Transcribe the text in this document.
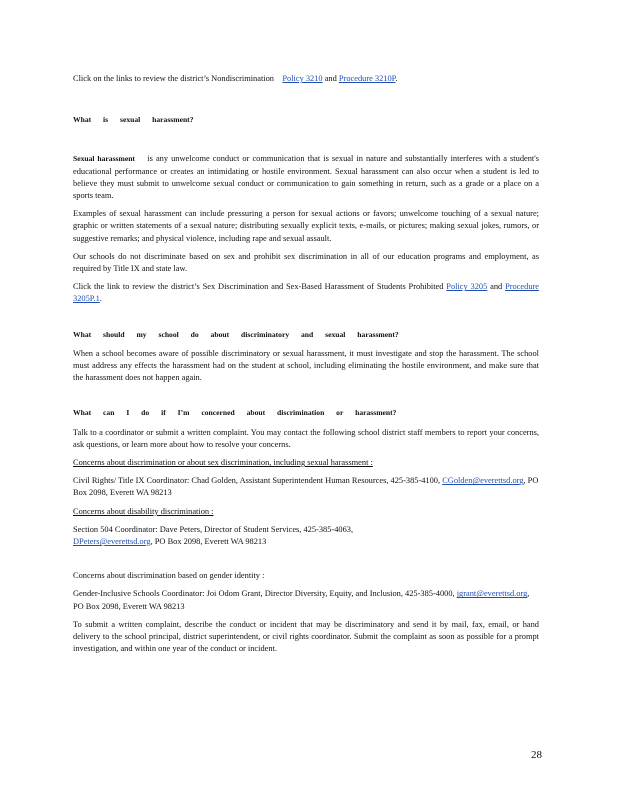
Click on the links to review the district’s Nondiscrimination Policy 3210 and Procedure 3210P.

What is sexual harassment?

Sexual harassment is any unwelcome conduct or communication that is sexual in nature and substantially interferes with a student's educational performance or creates an intimidating or hostile environment. Sexual harassment can also occur when a student is led to believe they must submit to unwelcome sexual conduct or communication to gain something in return, such as a grade or a place on a sports team.

Examples of sexual harassment can include pressuring a person for sexual actions or favors; unwelcome touching of a sexual nature; graphic or written statements of a sexual nature; distributing sexually explicit texts, e-mails, or pictures; making sexual jokes, rumors, or suggestive remarks; and physical violence, including rape and sexual assault.

Our schools do not discriminate based on sex and prohibit sex discrimination in all of our education programs and employment, as required by Title IX and state law.

Click the link to review the district’s Sex Discrimination and Sex-Based Harassment of Students Prohibited Policy 3205 and Procedure 3205P.1.

What should my school do about discriminatory and sexual harassment?

When a school becomes aware of possible discriminatory or sexual harassment, it must investigate and stop the harassment. The school must address any effects the harassment had on the student at school, including eliminating the hostile environment, and make sure that the harassment does not happen again.

What can I do if I’m concerned about discrimination or harassment?

Talk to a coordinator or submit a written complaint. You may contact the following school district staff members to report your concerns, ask questions, or learn more about how to resolve your concerns.

Concerns about discrimination or about sex discrimination, including sexual harassment :

Civil Rights/ Title IX Coordinator: Chad Golden, Assistant Superintendent Human Resources, 425-385-4100, CGolden@everettsd.org, PO Box 2098, Everett WA 98213

Concerns about disability discrimination :

Section 504 Coordinator: Dave Peters, Director of Student Services, 425-385-4063,
DPeters@everettsd.org, PO Box 2098, Everett WA 98213

Concerns about discrimination based on gender identity :

Gender-Inclusive Schools Coordinator: Joi Odom Grant, Director Diversity, Equity, and Inclusion, 425-385-4000, jgrant@everettsd.org, PO Box 2098, Everett WA 98213

To submit a written complaint, describe the conduct or incident that may be discriminatory and send it by mail, fax, email, or hand delivery to the school principal, district superintendent, or civil rights coordinator. Submit the complaint as soon as possible for a prompt investigation, and within one year of the conduct or incident.

28
